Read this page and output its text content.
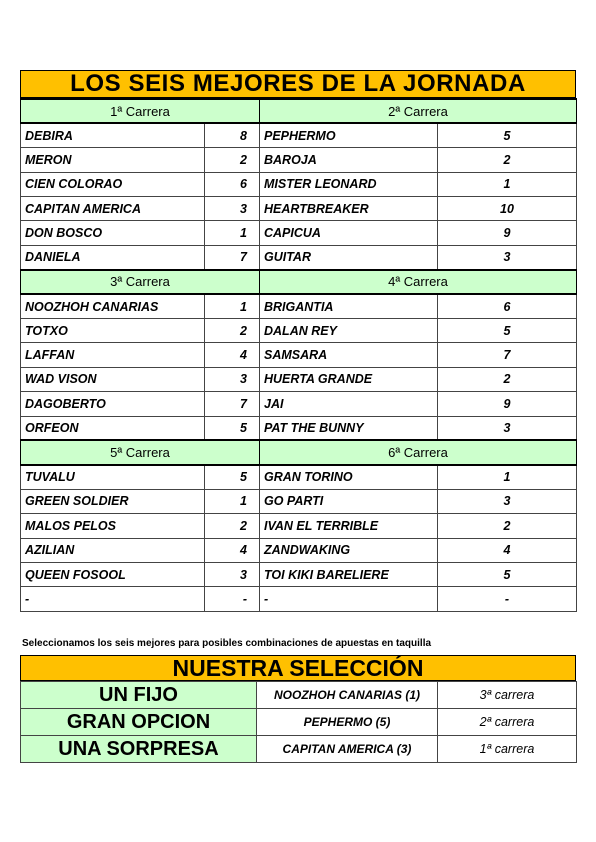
LOS SEIS MEJORES DE LA JORNADA
1ª Carrera		2ª Carrera	
DEBIRA	8	PEPHERMO	5
MERON	2	BAROJA	2
CIEN COLORAO	6	MISTER LEONARD	1
CAPITAN AMERICA	3	HEARTBREAKER	10
DON BOSCO	1	CAPICUA	9
DANIELA	7	GUITAR	3
3ª Carrera		4ª Carrera	
NOOZHOH CANARIAS	1	BRIGANTIA	6
TOTXO	2	DALAN REY	5
LAFFAN	4	SAMSARA	7
WAD VISON	3	HUERTA GRANDE	2
DAGOBERTO	7	JAI	9
ORFEON	5	PAT THE BUNNY	3
5ª Carrera		6ª Carrera	
TUVALU	5	GRAN TORINO	1
GREEN SOLDIER	1	GO PARTI	3
MALOS PELOS	2	IVAN EL TERRIBLE	2
AZILIAN	4	ZANDWAKING	4
QUEEN FOSOOL	3	TOI KIKI BARELIERE	5
-	-	-	-
Seleccionamos los seis mejores para posibles combinaciones de apuestas en taquilla
NUESTRA SELECCIÓN
UN FIJO	NOOZHOH CANARIAS (1)	3ª carrera
GRAN OPCION	PEPHERMO (5)	2ª carrera
UNA SORPRESA	CAPITAN AMERICA (3)	1ª carrera
